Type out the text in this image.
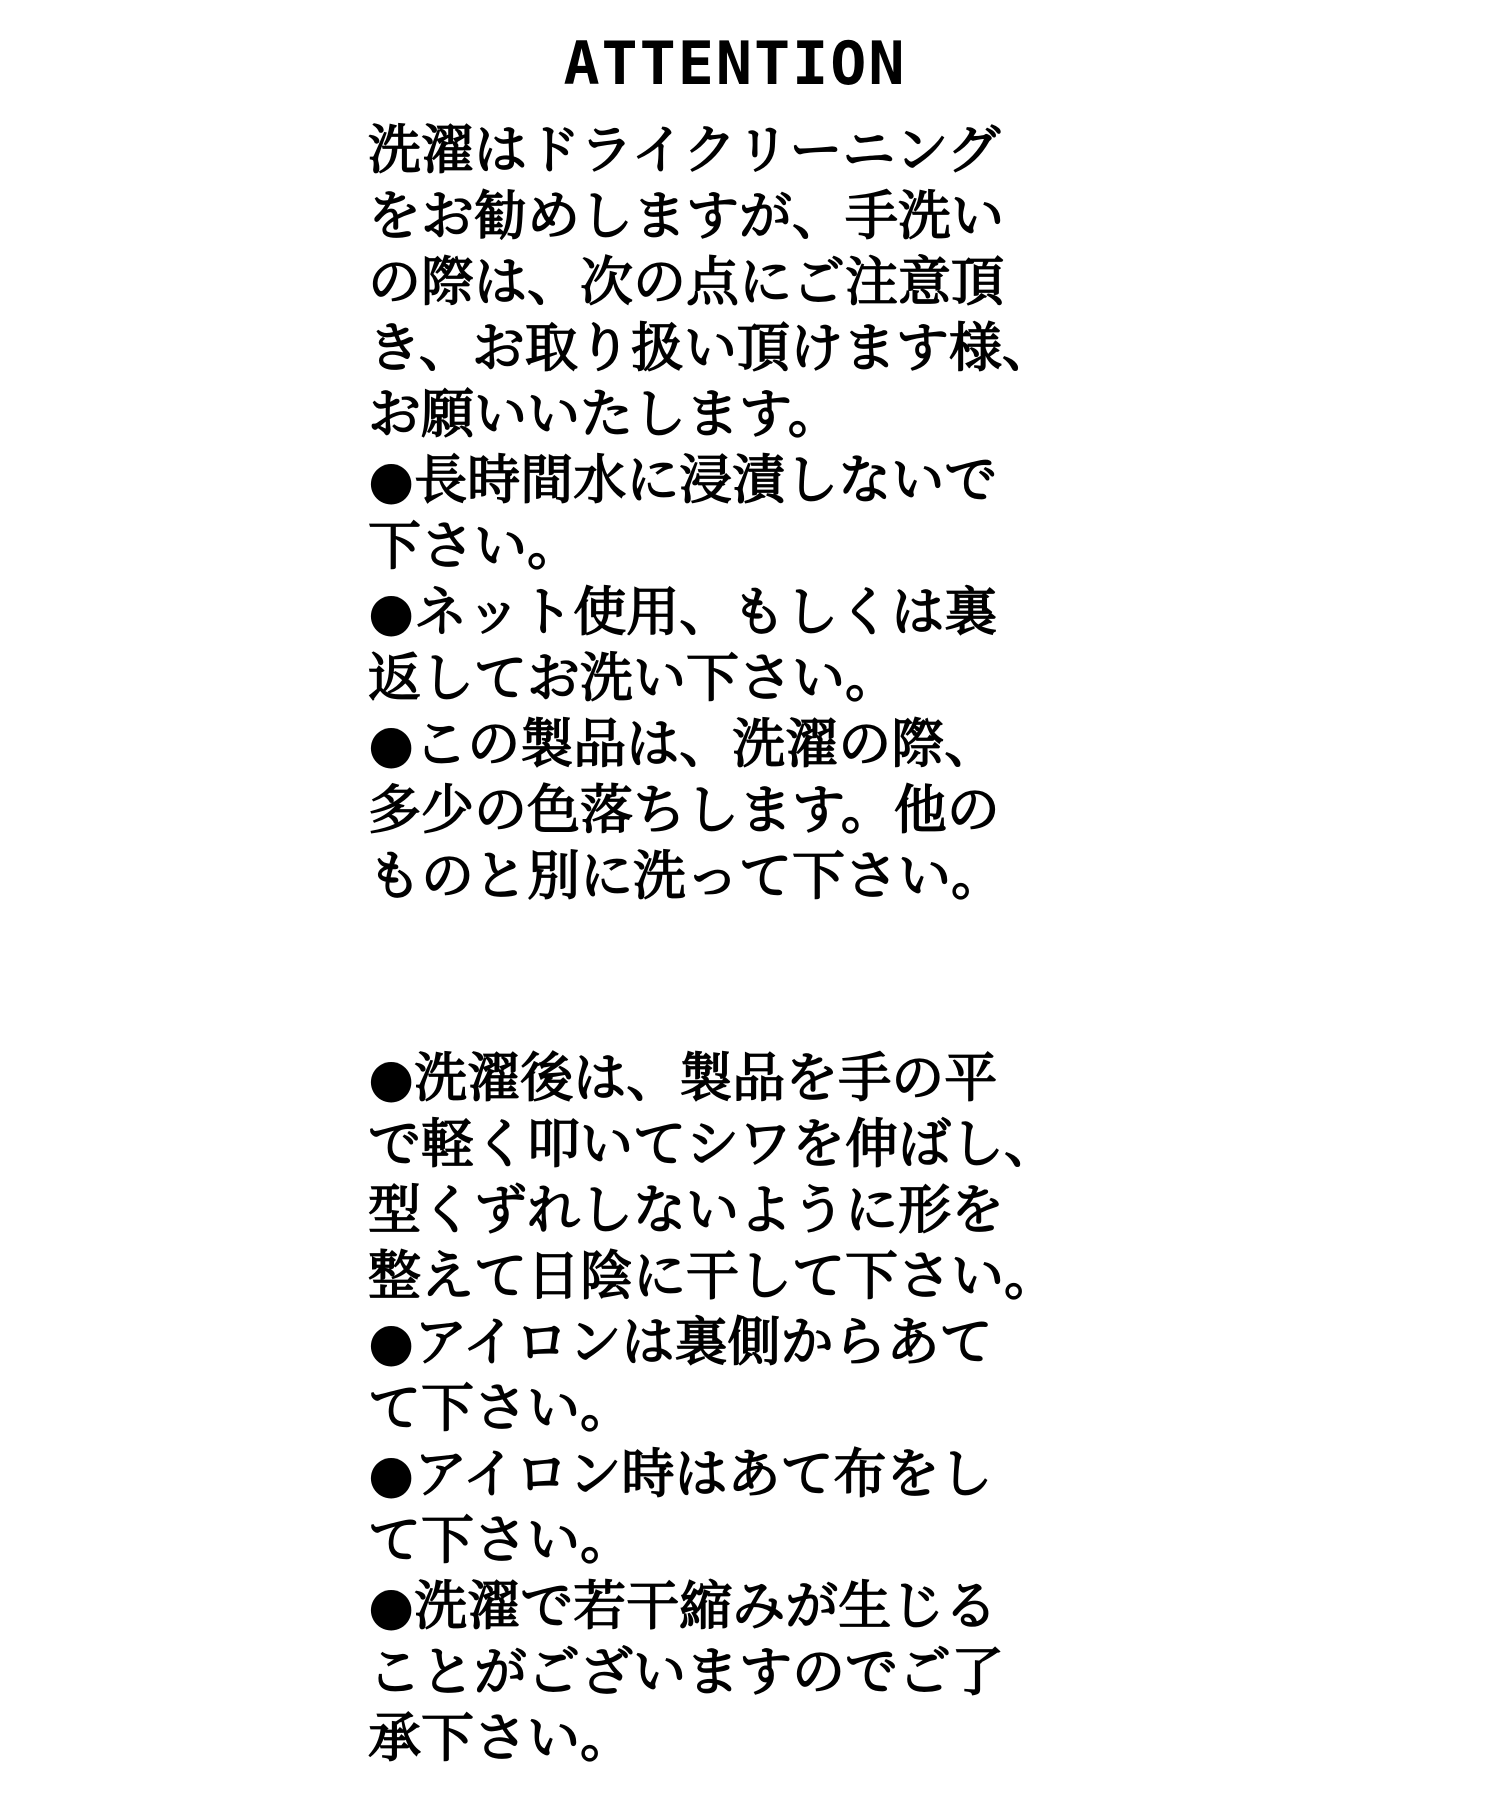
ATTENTION
洗濯はドライクリーニング
をお勧めしますが、手洗い
の際は、次の点にご注意頂
き、お取り扱い頂けます様、
お願いいたします。
●長時間水に浸漬しないで
下さい。
●ネット使用、もしくは裏
返してお洗い下さい。
●この製品は、洗濯の際、
多少の色落ちします。他の
ものと別に洗って下さい。
●洗濯後は、製品を手の平
で軽く叩いてシワを伸ばし、
型くずれしないように形を
整えて日陰に干して下さい。
●アイロンは裏側からあて
て下さい。
●アイロン時はあて布をし
て下さい。
●洗濯で若干縮みが生じる
ことがございますのでご了
承下さい。
